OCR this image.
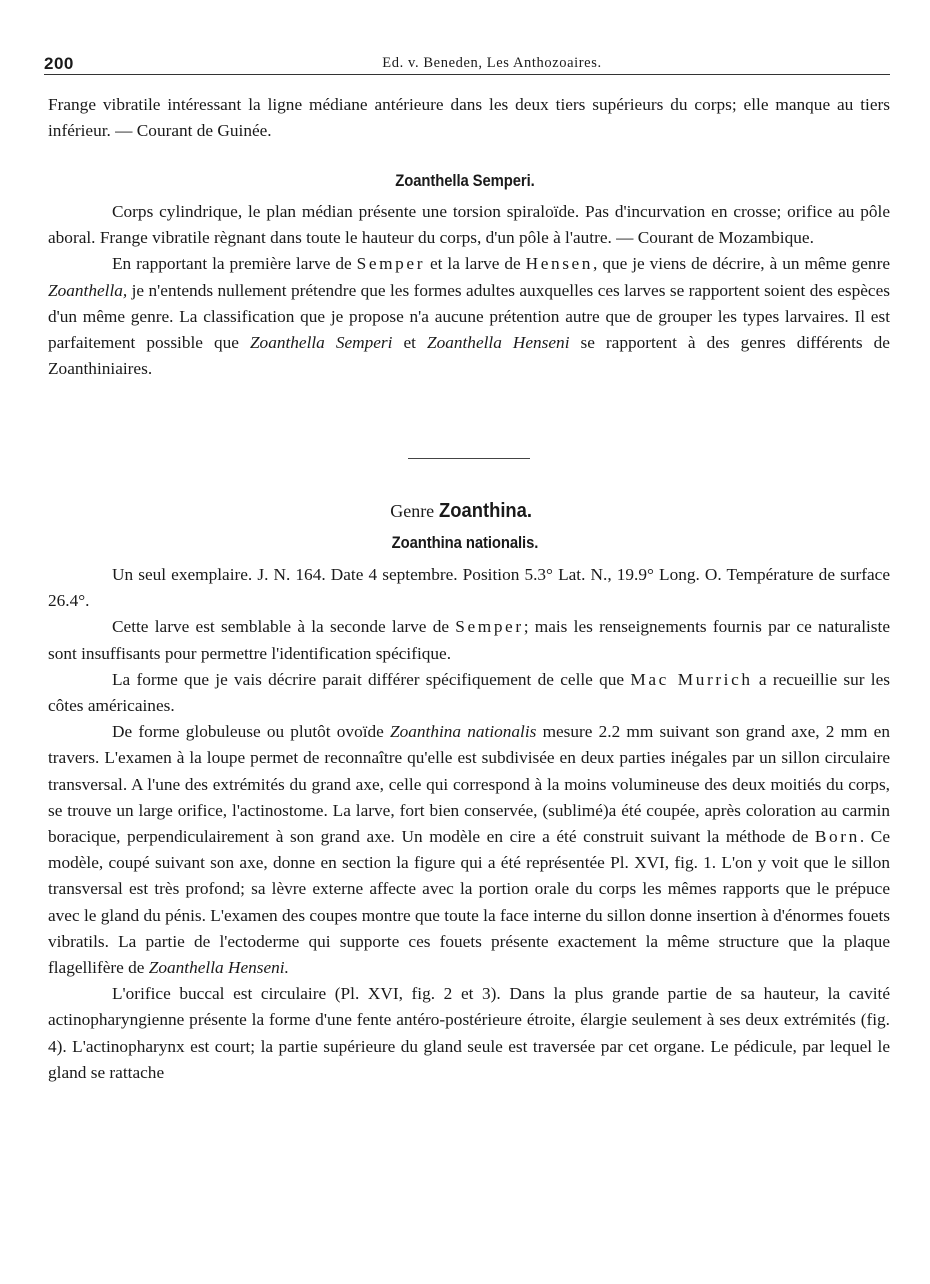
200	Ed. v. Beneden, Les Anthozoaires.

Frange vibratile intéressant la ligne médiane antérieure dans les deux tiers supérieurs du corps; elle manque au tiers inférieur. — Courant de Guinée.

Zoanthella Semperi.

Corps cylindrique, le plan médian présente une torsion spiraloïde. Pas d'incurvation en crosse; orifice au pôle aboral. Frange vibratile règnant dans toute le hauteur du corps, d'un pôle à l'autre. — Courant de Mozambique.

En rapportant la première larve de Semper et la larve de Hensen, que je viens de décrire, à un même genre Zoanthella, je n'entends nullement prétendre que les formes adultes auxquelles ces larves se rapportent soient des espèces d'un même genre. La classification que je propose n'a aucune prétention autre que de grouper les types larvaires. Il est parfaitement possible que Zoanthella Semperi et Zoanthella Henseni se rapportent à des genres différents de Zoanthiniaires.

Genre Zoanthina.
Zoanthina nationalis.

Un seul exemplaire. J. N. 164. Date 4 septembre. Position 5.3° Lat. N., 19.9° Long. O. Température de surface 26.4°.

Cette larve est semblable à la seconde larve de Semper; mais les renseignements fournis par ce naturaliste sont insuffisants pour permettre l'identification spécifique.

La forme que je vais décrire parait différer spécifiquement de celle que Mac Murrich a recueillie sur les côtes américaines.

De forme globuleuse ou plutôt ovoïde Zoanthina nationalis mesure 2.2 mm suivant son grand axe, 2 mm en travers. L'examen à la loupe permet de reconnaître qu'elle est subdivisée en deux parties inégales par un sillon circulaire transversal. A l'une des extrémités du grand axe, celle qui correspond à la moins volumineuse des deux moitiés du corps, se trouve un large orifice, l'actinostome. La larve, fort bien conservée, (sublimé)a été coupée, après coloration au carmin boracique, perpendiculairement à son grand axe. Un modèle en cire a été construit suivant la méthode de Born. Ce modèle, coupé suivant son axe, donne en section la figure qui a été représentée Pl. XVI, fig. 1. L'on y voit que le sillon transversal est très profond; sa lèvre externe affecte avec la portion orale du corps les mêmes rapports que le prépuce avec le gland du pénis. L'examen des coupes montre que toute la face interne du sillon donne insertion à d'énormes fouets vibratils. La partie de l'ectoderme qui supporte ces fouets présente exactement la même structure que la plaque flagellifère de Zoanthella Henseni.

L'orifice buccal est circulaire (Pl. XVI, fig. 2 et 3). Dans la plus grande partie de sa hauteur, la cavité actinopharyngienne présente la forme d'une fente antéro-postérieure étroite, élargie seulement à ses deux extrémités (fig. 4). L'actinopharynx est court; la partie supérieure du gland seule est traversée par cet organe. Le pédicule, par lequel le gland se rattache
